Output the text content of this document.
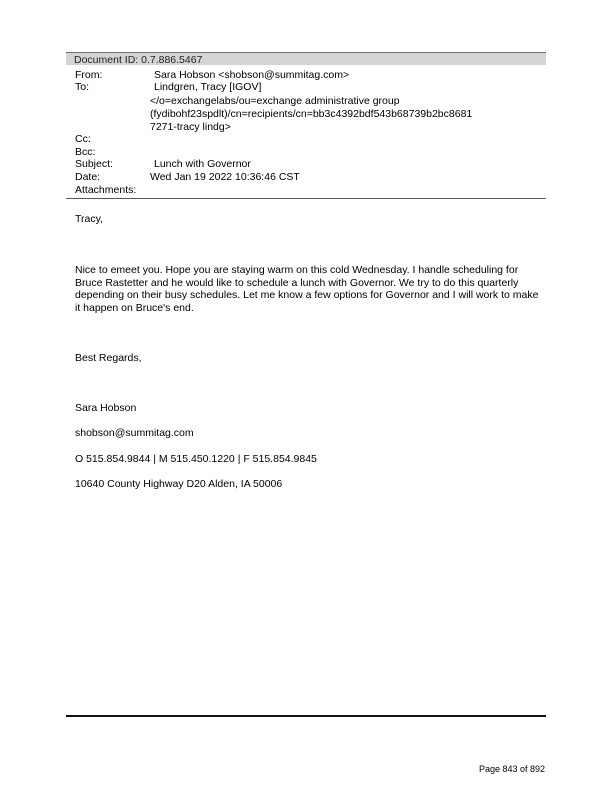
Document ID: 0.7.886.5467
From:	Sara Hobson <shobson@summitag.com>
To:	Lindgren, Tracy [IGOV]
</o=exchangelabs/ou=exchange administrative group
(fydibohf23spdlt)/cn=recipients/cn=bb3c4392bdf543b68739b2bc8681
7271-tracy lindg>
Cc:
Bcc:
Subject:	Lunch with Governor
Date:	Wed Jan 19 2022 10:36:46 CST
Attachments:
Tracy,
Nice to emeet you. Hope you are staying warm on this cold Wednesday. I handle scheduling for Bruce Rastetter and he would like to schedule a lunch with Governor. We try to do this quarterly depending on their busy schedules. Let me know a few options for Governor and I will work to make it happen on Bruce's end.
Best Regards,
Sara Hobson
shobson@summitag.com
O 515.854.9844 | M 515.450.1220 | F 515.854.9845
10640 County Highway D20 Alden, IA 50006
Page 843 of 892
